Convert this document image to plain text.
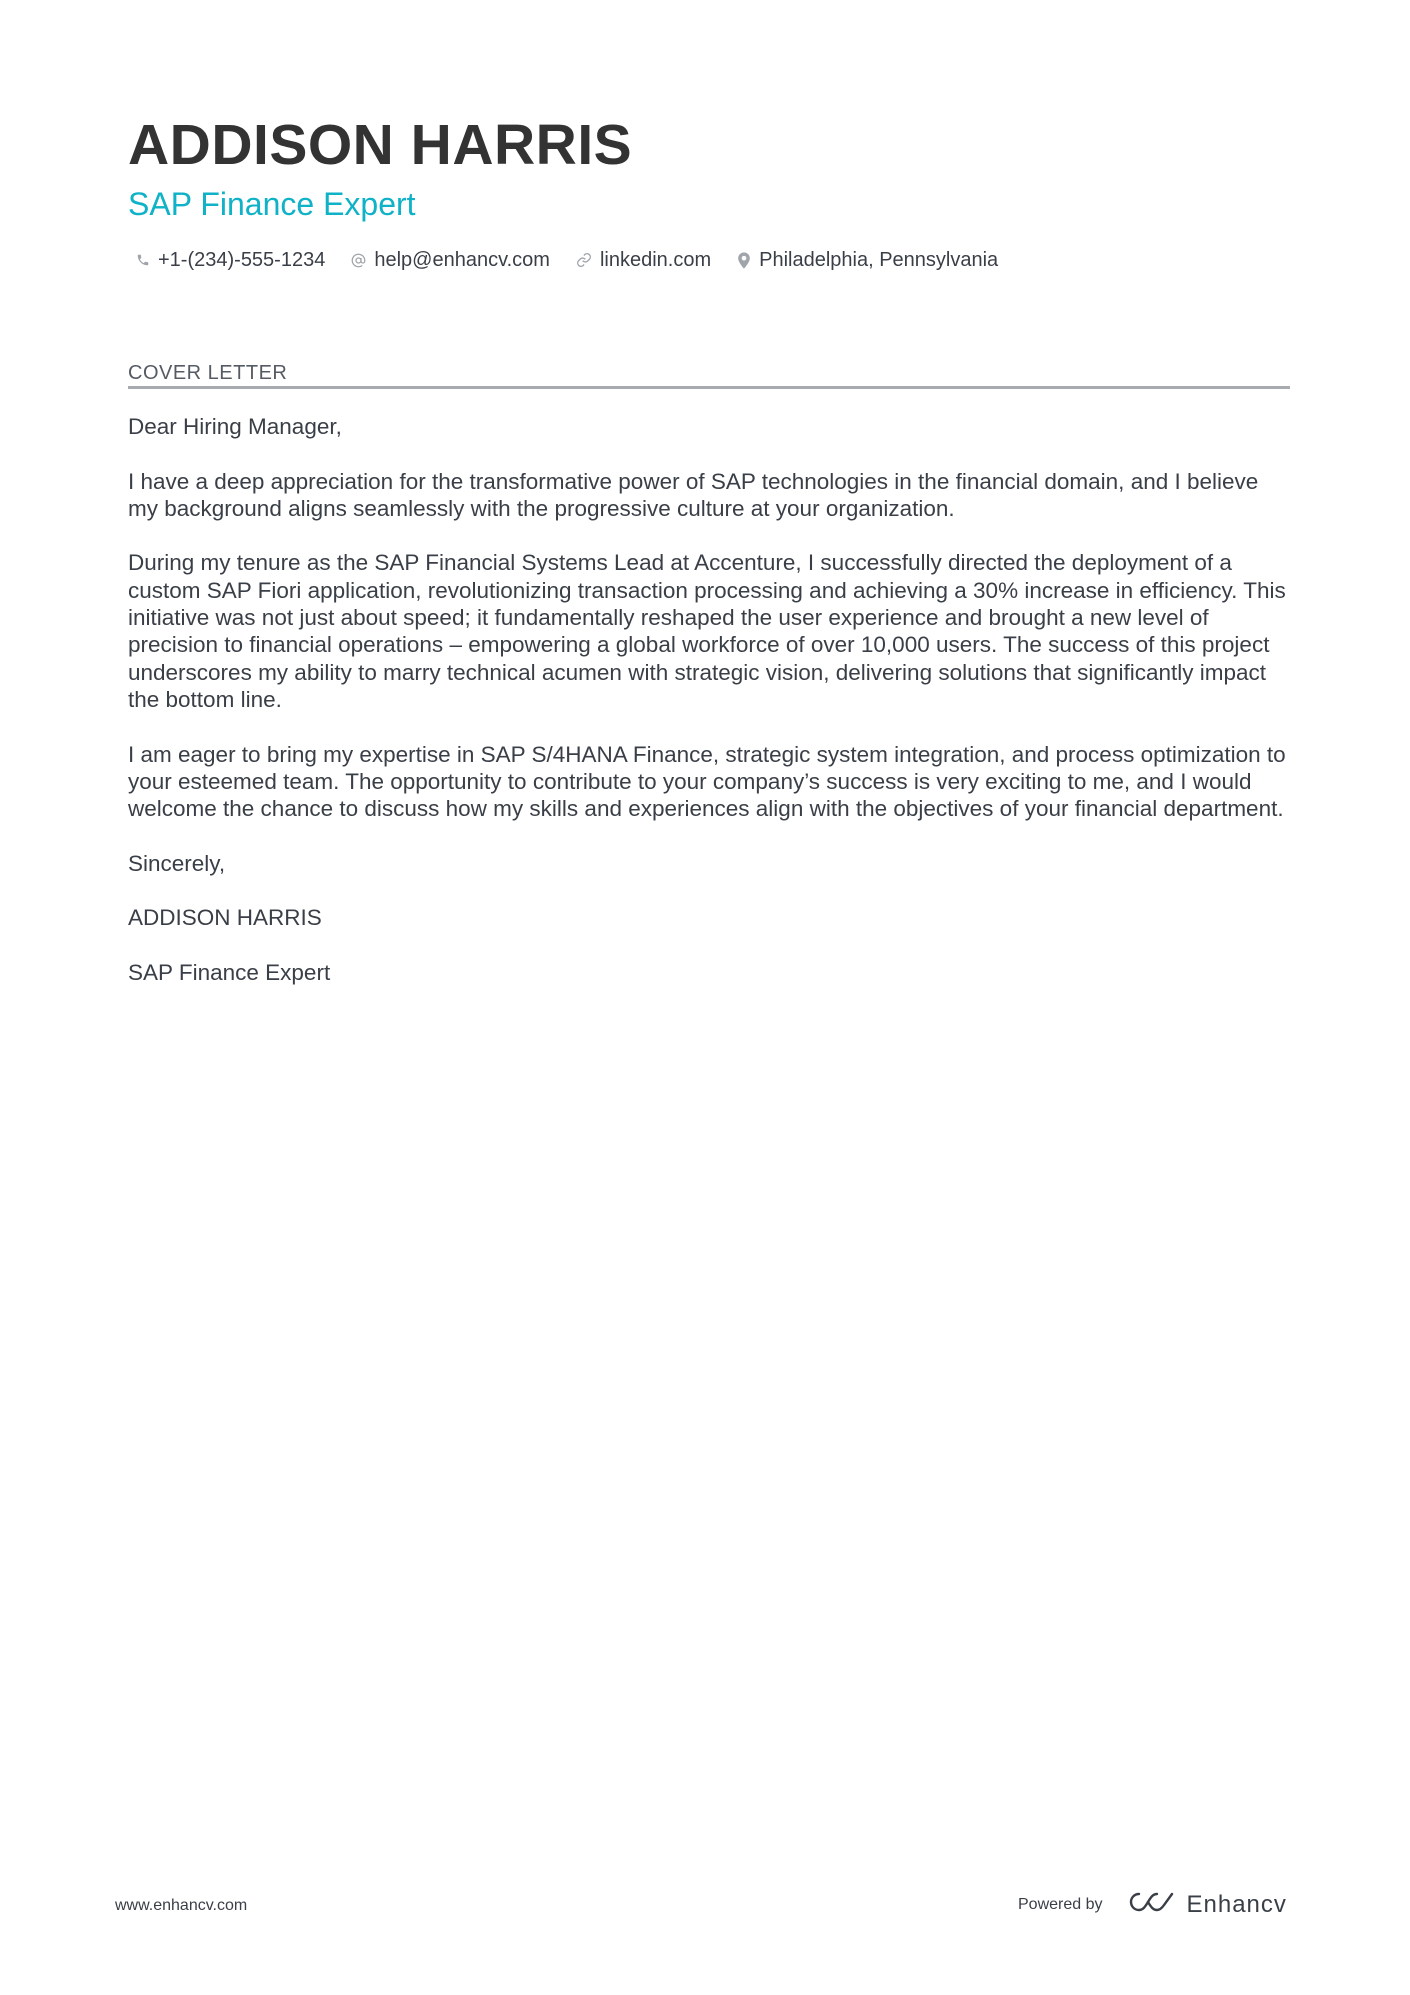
ADDISON HARRIS
SAP Finance Expert
+1-(234)-555-1234 help@enhancv.com	linkedin.com Philadelphia, Pennsylvania
COVER LETTER

Dear Hiring Manager,

I have a deep appreciation for the transformative power of SAP technologies in the financial domain, and I believe my background aligns seamlessly with the progressive culture at your organization.

During my tenure as the SAP Financial Systems Lead at Accenture, I successfully directed the deployment of a custom SAP Fiori application, revolutionizing transaction processing and achieving a 30% increase in efficiency. This initiative was not just about speed; it fundamentally reshaped the user experience and brought a new level of precision to financial operations – empowering a global workforce of over 10,000 users. The success of this project underscores my ability to marry technical acumen with strategic vision, delivering solutions that significantly impact the bottom line.

I am eager to bring my expertise in SAP S/4HANA Finance, strategic system integration, and process optimization to your esteemed team. The opportunity to contribute to your company’s success is very exciting to me, and I would welcome the chance to discuss how my skills and experiences align with the objectives of your financial department.

Sincerely,

ADDISON HARRIS

SAP Finance Expert

www.enhancv.com	Powered by	Enhancv
